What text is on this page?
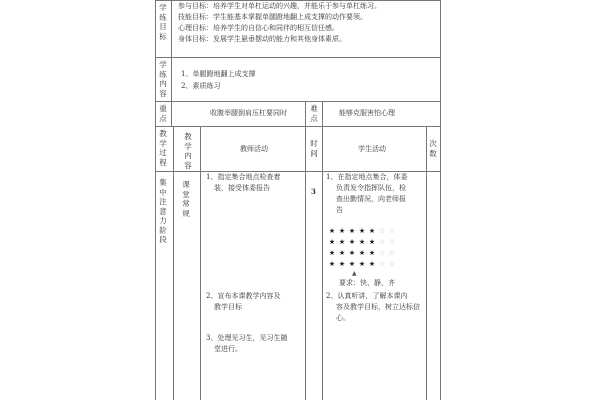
学练目标
参与目标：培养学生对单杠运动的兴趣，并能乐于参与单杠练习。
技能目标：学生能基本掌握单腿蹬地翻上成支撑的动作要领。
心理目标：培养学生的自信心和同伴的相互信任感。
身体目标：发展学生悬垂摆动的能力和其他身体素质。
学练内容
1、单腿蹬地翻上成支撑
2、素质练习
重点
收腹举腿倒肩压杠要同时	难点
能够克服害怕心理
教学过程
教学内容
教师活动
时间	学生活动
次数
集中注意力阶段
课堂常规
1、指定集合地点检查着
装，接受体委报告
2、宣布本课教学内容及
教学目标
3、处理见习生，见习生随
堂进行。
3
1、在指定地点集合，体委
负责发令指挥队伍，检
查出勤情况，向老师报
告
要求：快、静、齐
2、认真听讲，了解本课内
容及教学目标，树立达标信
心。
★ ★ ★ ★ ★ ☆ ☆
★ ★ ★ ★ ★ ☆ ☆
★ ★ ★ ★ ★ ☆ ☆
★ ★ ★ ★ ★ ☆ ☆
▲
